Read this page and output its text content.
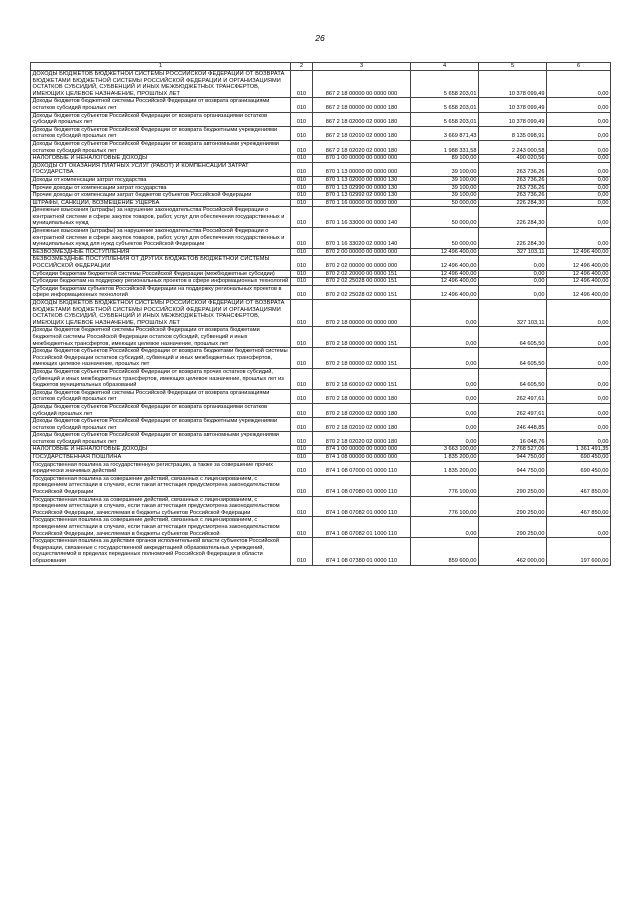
26
1	2	3	4	5	6
ДОХОДЫ БЮДЖЕТОВ БЮДЖЕТНОЙ СИСТЕМЫ РОССИЙСКОЙ ФЕДЕРАЦИИ ОТ ВОЗВРАТА БЮДЖЕТАМИ БЮДЖЕТНОЙ СИСТЕМЫ РОССИЙСКОЙ ФЕДЕРАЦИИ И ОРГАНИЗАЦИЯМИ ОСТАТКОВ СУБСИДИЙ, СУБВЕНЦИЙ И ИНЫХ МЕЖБЮДЖЕТНЫХ ТРАНСФЕРТОВ, ИМЕЮЩИХ ЦЕЛЕВОЕ НАЗНАЧЕНИЕ, ПРОШЛЫХ ЛЕТ	010	867 2 18 00000 00 0000 000	5 658 203,01	10 378 099,49	0,00
Доходы бюджетов бюджетной системы Российской Федерации от возврата организациями остатков субсидий прошлых лет	010	867 2 18 00000 00 0000 180	5 658 203,01	10 378 099,49	0,00
Доходы бюджетов субъектов Российской Федерации от возврата организациями остатков субсидий прошлых лет	010	867 2 18 02000 02 0000 180	5 658 203,01	10 378 099,49	0,00
Доходы бюджетов субъектов Российской Федерации от возврата бюджетными учреждениями остатков субсидий прошлых лет	010	867 2 18 02010 02 0000 180	3 669 871,43	8 135 098,91	0,00
Доходы бюджетов субъектов Российской Федерации от возврата автономными учреждениями остатков субсидий прошлых лет	010	867 2 18 02020 02 0000 180	1 988 331,58	2 243 000,58	0,00
НАЛОГОВЫЕ И НЕНАЛОГОВЫЕ ДОХОДЫ	010	870 1 00 00000 00 0000 000	89 100,00	490 020,56	0,00
ДОХОДЫ ОТ ОКАЗАНИЯ ПЛАТНЫХ УСЛУГ (РАБОТ) И КОМПЕНСАЦИИ ЗАТРАТ ГОСУДАРСТВА	010	870 1 13 00000 00 0000 000	39 100,00	263 736,26	0,00
Доходы от компенсации затрат государства	010	870 1 13 02000 00 0000 130	39 100,00	263 736,26	0,00
Прочие доходы от компенсации затрат государства	010	870 1 13 02990 00 0000 130	39 100,00	263 736,26	0,00
Прочие доходы от компенсации затрат бюджетов субъектов Российской Федерации	010	870 1 13 02992 02 0000 130	39 100,00	263 736,26	0,00
ШТРАФЫ, САНКЦИИ, ВОЗМЕЩЕНИЕ УЩЕРБА	010	870 1 16 00000 00 0000 000	50 000,00	226 284,30	0,00
Денежные взыскания (штрафы) за нарушение законодательства Российской Федерации о контрактной системе в сфере закупок товаров, работ, услуг для обеспечения государственных и муниципальных нужд	010	870 1 16 33000 00 0000 140	50 000,00	226 284,30	0,00
Денежные взыскания (штрафы) за нарушение законодательства Российской Федерации о контрактной системе в сфере закупок товаров, работ, услуг для обеспечения государственных и муниципальных нужд для нужд субъектов Российской Федерации	010	870 1 16 33020 02 0000 140	50 000,00	226 284,30	0,00
БЕЗВОЗМЕЗДНЫЕ ПОСТУПЛЕНИЯ	010	870 2 00 00000 00 0000 000	12 496 400,00	327 103,11	12 496 400,00
БЕЗВОЗМЕЗДНЫЕ ПОСТУПЛЕНИЯ ОТ ДРУГИХ БЮДЖЕТОВ БЮДЖЕТНОЙ СИСТЕМЫ РОССИЙСКОЙ ФЕДЕРАЦИИ	010	870 2 02 00000 00 0000 000	12 496 400,00	0,00	12 496 400,00
Субсидии бюджетам бюджетной системы Российской Федерации (межбюджетные субсидии)	010	870 2 02 20000 00 0000 151	12 496 400,00	0,00	12 496 400,00
Субсидии бюджетам на поддержку региональных проектов в сфере информационных технологий	010	870 2 02 25028 00 0000 151	12 496 400,00	0,00	12 496 400,00
Субсидии бюджетам субъектов Российской Федерации на поддержку региональных проектов в сфере информационных технологий	010	870 2 02 25028 02 0000 151	12 496 400,00	0,00	12 496 400,00
ДОХОДЫ БЮДЖЕТОВ БЮДЖЕТНОЙ СИСТЕМЫ РОССИЙСКОЙ ФЕДЕРАЦИИ ОТ ВОЗВРАТА БЮДЖЕТАМИ БЮДЖЕТНОЙ СИСТЕМЫ РОССИЙСКОЙ ФЕДЕРАЦИИ И ОРГАНИЗАЦИЯМИ ОСТАТКОВ СУБСИДИЙ, СУБВЕНЦИЙ И ИНЫХ МЕЖБЮДЖЕТНЫХ ТРАНСФЕРТОВ, ИМЕЮЩИХ ЦЕЛЕВОЕ НАЗНАЧЕНИЕ, ПРОШЛЫХ ЛЕТ	010	870 2 18 00000 00 0000 000	0,00	327 103,11	0,00
Доходы бюджетов бюджетной системы Российской Федерации от возврата бюджетами бюджетной системы Российской Федерации остатков субсидий, субвенций и иных межбюджетных трансфертов, имеющих целевое назначение, прошлых лет	010	870 2 18 00000 00 0000 151	0,00	64 605,50	0,00
Доходы бюджетов субъектов Российской Федерации от возврата бюджетами бюджетной системы Российской Федерации остатков субсидий, субвенций и иных межбюджетных трансфертов, имеющих целевое назначение, прошлых лет	010	870 2 18 00000 02 0000 151	0,00	64 605,50	0,00
Доходы бюджетов субъектов Российской Федерации от возврата прочих остатков субсидий, субвенций и иных межбюджетных трансфертов, имеющих целевое назначение, прошлых лет из бюджетов муниципальных образований	010	870 2 18 60010 02 0000 151	0,00	64 605,50	0,00
Доходы бюджетов бюджетной системы Российской Федерации от возврата организациями остатков субсидий прошлых лет	010	870 2 18 00000 00 0000 180	0,00	262 497,61	0,00
Доходы бюджетов субъектов Российской Федерации от возврата организациями остатков субсидий прошлых лет	010	870 2 18 02000 02 0000 180	0,00	262 497,61	0,00
Доходы бюджетов субъектов Российской Федерации от возврата бюджетными учреждениями остатков субсидий прошлых лет	010	870 2 18 02010 02 0000 180	0,00	246 448,85	0,00
Доходы бюджетов субъектов Российской Федерации от возврата автономными учреждениями остатков субсидий прошлых лет	010	870 2 18 02020 02 0000 180	0,00	16 048,76	0,00
НАЛОГОВЫЕ И НЕНАЛОГОВЫЕ ДОХОДЫ	010	874 1 00 00000 00 0000 000	3 663 100,00	2 768 527,06	1 361 491,35
ГОСУДАРСТВЕННАЯ ПОШЛИНА	010	874 1 08 00000 00 0000 000	1 835 200,00	944 750,00	690 450,00
Государственная пошлина за государственную регистрацию, а также за совершение прочих юридически значимых действий	010	874 1 08 07000 01 0000 110	1 835 200,00	944 750,00	690 450,00
Государственная пошлина за совершение действий, связанных с лицензированием, с проведением аттестации в случаях, если такая аттестация предусмотрена законодательством Российской Федерации	010	874 1 08 07080 01 0000 110	776 100,00	290 250,00	467 850,00
Государственная пошлина за совершение действий, связанных с лицензированием, с проведением аттестации в случаях, если такая аттестация предусмотрена законодательством Российской Федерации, зачисляемая в бюджеты субъектов Российской Федерации	010	874 1 08 07082 01 0000 110	776 100,00	290 250,00	467 850,00
Государственная пошлина за совершение действий, связанных с лицензированием, с проведением аттестации в случаях, если такая аттестация предусмотрена законодательством Российской Федерации, зачисляемая в бюджеты субъектов Российской	010	874 1 08 07082 01 1000 110	0,00	290 250,00	0,00
Государственная пошлина за действия органов исполнительной власти субъектов Российской Федерации, связанные с государственной аккредитацией образовательных учреждений, осуществляемой в пределах переданных полномочий Российской Федерации в области образования	010	874 1 08 07380 01 0000 110	859 600,00	462 000,00	197 600,00
